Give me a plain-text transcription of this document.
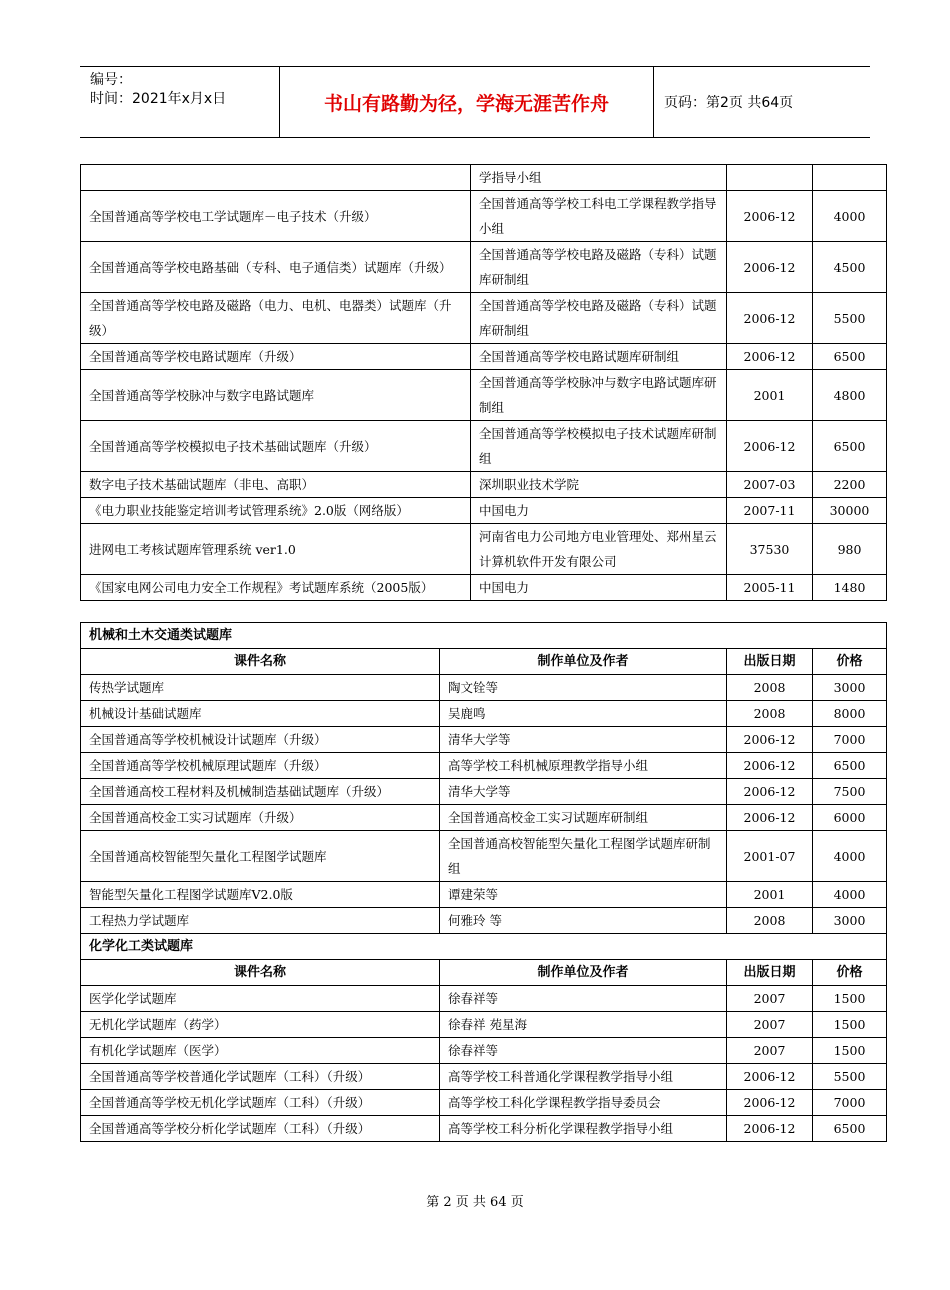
编号：
时间：2021年x月x日	书山有路勤为径，学海无涯苦作舟	页码：第2页 共64页
	学指导小组		
全国普通高等学校电工学试题库－电子技术（升级）	全国普通高等学校工科电工学课程教学指导小组	2006-12	4000
全国普通高等学校电路基础（专科、电子通信类）试题库（升级）	全国普通高等学校电路及磁路（专科）试题库研制组	2006-12	4500
全国普通高等学校电路及磁路（电力、电机、电器类）试题库（升级）	全国普通高等学校电路及磁路（专科）试题库研制组	2006-12	5500
全国普通高等学校电路试题库（升级）	全国普通高等学校电路试题库研制组	2006-12	6500
全国普通高等学校脉冲与数字电路试题库	全国普通高等学校脉冲与数字电路试题库研制组	2001	4800
全国普通高等学校模拟电子技术基础试题库（升级）	全国普通高等学校模拟电子技术试题库研制组	2006-12	6500
数字电子技术基础试题库（非电、高职）	深圳职业技术学院	2007-03	2200
《电力职业技能鉴定培训考试管理系统》2.0版（网络版）	中国电力	2007-11	30000
进网电工考核试题库管理系统 ver1.0	河南省电力公司地方电业管理处、郑州星云计算机软件开发有限公司	37530	980
《国家电网公司电力安全工作规程》考试题库系统（2005版）	中国电力	2005-11	1480
机械和土木交通类试题库			
课件名称	制作单位及作者	出版日期	价格
传热学试题库	陶文铨等	2008	3000
机械设计基础试题库	吴鹿鸣	2008	8000
全国普通高等学校机械设计试题库（升级）	清华大学等	2006-12	7000
全国普通高等学校机械原理试题库（升级）	高等学校工科机械原理教学指导小组	2006-12	6500
全国普通高校工程材料及机械制造基础试题库（升级）	清华大学等	2006-12	7500
全国普通高校金工实习试题库（升级）	全国普通高校金工实习试题库研制组	2006-12	6000
全国普通高校智能型矢量化工程图学试题库	全国普通高校智能型矢量化工程图学试题库研制组	2001-07	4000
智能型矢量化工程图学试题库V2.0版	谭建荣等	2001	4000
工程热力学试题库	何雅玲 等	2008	3000
化学化工类试题库			
课件名称	制作单位及作者	出版日期	价格
医学化学试题库	徐春祥等	2007	1500
无机化学试题库（药学）	徐春祥 苑星海	2007	1500
有机化学试题库（医学）	徐春祥等	2007	1500
全国普通高等学校普通化学试题库（工科）（升级）	高等学校工科普通化学课程教学指导小组	2006-12	5500
全国普通高等学校无机化学试题库（工科）（升级）	高等学校工科化学课程教学指导委员会	2006-12	7000
全国普通高等学校分析化学试题库（工科）（升级）	高等学校工科分析化学课程教学指导小组	2006-12	6500
第 2 页 共 64 页
